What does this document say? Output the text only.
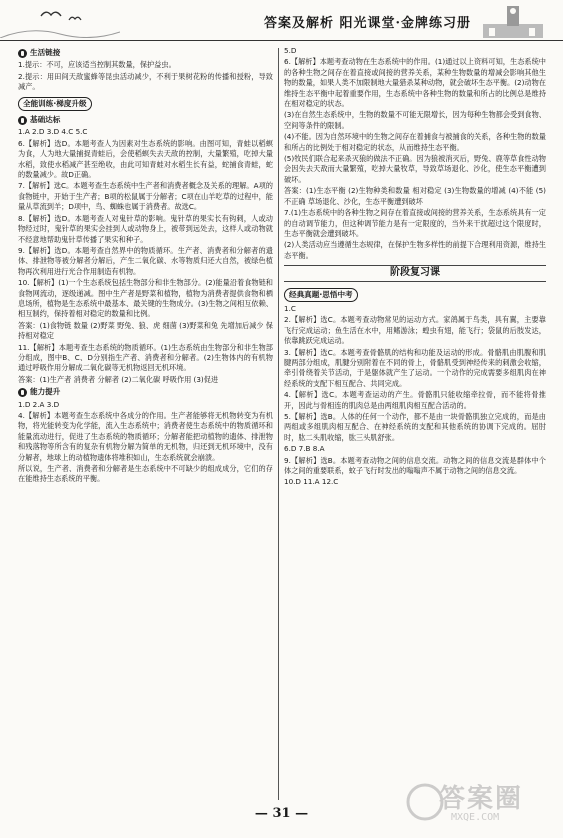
答案及解析 阳光课堂·金牌练习册
生活链接

1.提示：不可，应该适当控制其数量，保护益虫。

2.提示：用田间天敌蜜蜂等昆虫活动减少，不利于果树花粉的传播和授粉，导致减产。

全能训练·梯度升级
基础达标

1.A 2.D 3.D 4.C 5.C

6.【解析】选D。本题考查人为因素对生态系统的影响。由图可知，青蛙以稻螟为食，人为地大量捕捉青蛙后，会使稻螟失去天敌的控制，大量繁殖，吃掉大量水稻，致使水稻减产甚至绝收，由此可知青蛙对水稻生长有益，蛇捕食青蛙，蛇的数量减少。故D正确。

7.【解析】选C。本题考查生态系统中生产者和消费者概念及关系的理解。A项的食物链中，开始于生产者；B项的松鼠属于分解者；C项在山羊吃草的过程中，能量从草流到羊；D项中，鸟、蜘蛛也属于消费者。故选C。

8.【解析】选D。本题考查人对鬼针草的影响。鬼针草的果实长有钩刺，人或动物经过时，鬼针草的果实会挂到人或动物身上，被带到远处去，这样人或动物就不经意地帮助鬼针草传播了果实和种子。

9.【解析】选D。本题考查自然界中的物质循环。生产者、消费者和分解者的遗体、排泄物等被分解者分解后，产生二氧化碳、水等物质归还大自然，被绿色植物再次利用进行光合作用制造有机物。

10.【解析】(1)一个生态系统包括生物部分和非生物部分。(2)能量沿着食物链和食物网流动，逐级递减。图中生产者是野菜和植物，植物为消费者提供食物和栖息场所，植物是生态系统中最基本、最关键的生物成分。(3)生物之间相互依赖、相互制约，保持着相对稳定的数量和比例。

答案：(1)食物链 数量 (2)野菜 野兔、狼、虎 细菌 (3)野菜和兔 先增加后减少 保持相对稳定

11.【解析】本题考查生态系统的物质循环。(1)生态系统由生物部分和非生物部分组成，图中B、C、D分别指生产者、消费者和分解者。(2)生物体内的有机物通过呼吸作用分解成二氧化碳等无机物返回无机环境。

答案：(1)生产者 消费者 分解者 (2)二氧化碳 呼吸作用 (3)促进

能力提升

1.D 2.A 3.D

4.【解析】本题考查生态系统中各成分的作用。生产者能够将无机物转变为有机物，将光能转变为化学能，流入生态系统中；消费者使生态系统中的物质循环和能量流动进行，促进了生态系统的物质循环；分解者能把动植物的遗体、排泄物和残落物等所含有的复杂有机物分解为简单的无机物，归还到无机环境中，没有分解者，地球上的动植物遗体将堆积如山，生态系统就会崩溃。

所以说，生产者、消费者和分解者是生态系统中不可缺少的组成成分，它们的存在能维持生态系统的平衡。

5.D

6.【解析】本题考查动物在生态系统中的作用。(1)通过以上资料可知，生态系统中的各种生物之间存在着直接或间接的营养关系，某种生物数量的增减会影响其他生物的数量，如果人类不加限制地大量猎杀某种动物，就会破坏生态平衡。(2)动物在维持生态平衡中起着重要作用，生态系统中各种生物的数量和所占的比例总是维持在相对稳定的状态。

(3)在自然生态系统中，生物的数量不可能无限增长，因为每种生物都会受到食物、空间等条件的限制。

(4)不能。因为自然环境中的生物之间存在着捕食与被捕食的关系，各种生物的数量和所占的比例处于相对稳定的状态，从而维持生态平衡。

(5)牧民们联合起来杀灭狼的做法不正确。因为狼被消灭后，野兔、鹿等草食性动物会因失去天敌而大量繁殖，吃掉大量牧草，导致草场退化、沙化，使生态平衡遭到破坏。

答案：(1)生态平衡 (2)生物种类和数量 相对稳定 (3)生物数量的增减 (4)不能 (5)不正确 草场退化、沙化，生态平衡遭到破坏

7.(1)生态系统中的各种生物之间存在着直接或间接的营养关系，生态系统具有一定的自动调节能力，但这种调节能力是有一定限度的，当外来干扰超过这个限度时，生态平衡就会遭到破坏。

(2)人类活动应当遵循生态规律，在保护生物多样性的前提下合理利用资源，维持生态平衡。

阶段复习课
经典真题·思悟中考

1.C

2.【解析】选C。本题考查动物常见的运动方式。家鸽属于鸟类，具有翼，主要靠飞行完成运动；鱼生活在水中，用鳍游泳；蝗虫有翅，能飞行；袋鼠的后肢发达，依靠跳跃完成运动。

3.【解析】选C。本题考查骨骼肌的结构和功能及运动的形成。骨骼肌由肌腹和肌腱两部分组成，肌腱分别附着在不同的骨上，骨骼肌受到神经传来的刺激会收缩，牵引骨绕着关节活动，于是躯体就产生了运动。一个动作的完成需要多组肌肉在神经系统的支配下相互配合、共同完成。

4.【解析】选C。本题考查运动的产生。骨骼肌只能收缩牵拉骨，而不能将骨推开，因此与骨相连的肌肉总是由两组肌肉相互配合活动的。

5.【解析】选B。人体的任何一个动作，都不是由一块骨骼肌独立完成的，而是由两组或多组肌肉相互配合、在神经系统的支配和其他系统的协调下完成的。屈肘时，肱二头肌收缩，肱三头肌舒张。

6.D 7.B 8.A

9.【解析】选B。本题考查动物之间的信息交流。动物之间的信息交流是群体中个体之间的重要联系，蚊子飞行时发出的嗡嗡声不属于动物之间的信息交流。

10.D 11.A 12.C

— 31 —	答案圈
MXQE.COM
